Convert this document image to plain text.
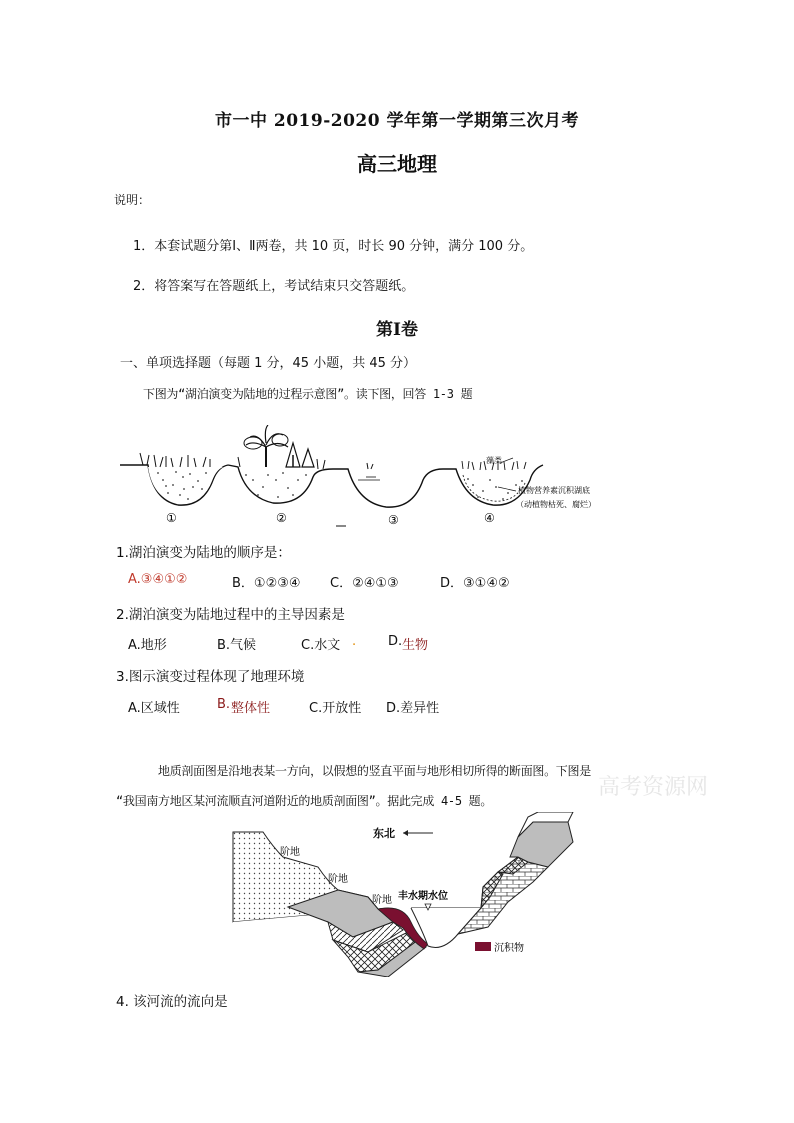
市一中 2019-2020 学年第一学期第三次月考
高三地理
说明：
1．本套试题分第Ⅰ、Ⅱ两卷，共 10 页，时长 90 分钟，满分 100 分。
2．将答案写在答题纸上，考试结束只交答题纸。
第Ⅰ卷
一、单项选择题（每题 1 分，45 小题，共 45 分）
下图为“湖泊演变为陆地的过程示意图”。读下图，回答 1-3 题
①	②	③
藻类
植物营养素沉积湖底
（动植物枯死、腐烂）
④
1.湖泊演变为陆地的顺序是：
A.③④①②	B．①②③④ C．②④①③	D．③①④②
2.湖泊演变为陆地过程中的主导因素是
A.地形	B.气候	C.水文 . D. 生物
3.图示演变过程体现了地理环境
A.区域性	B. 整体性	C.开放性 D.差异性
地质剖面图是沿地表某一方向，以假想的竖直平面与地形相切所得的断面图。下图是
“我国南方地区某河流顺直河道附近的地质剖面图”。据此完成 4-5 题。
高考资源网
东北
阶地
阶地
阶地 丰水期水位
沉积物
4. 该河流的流向是
